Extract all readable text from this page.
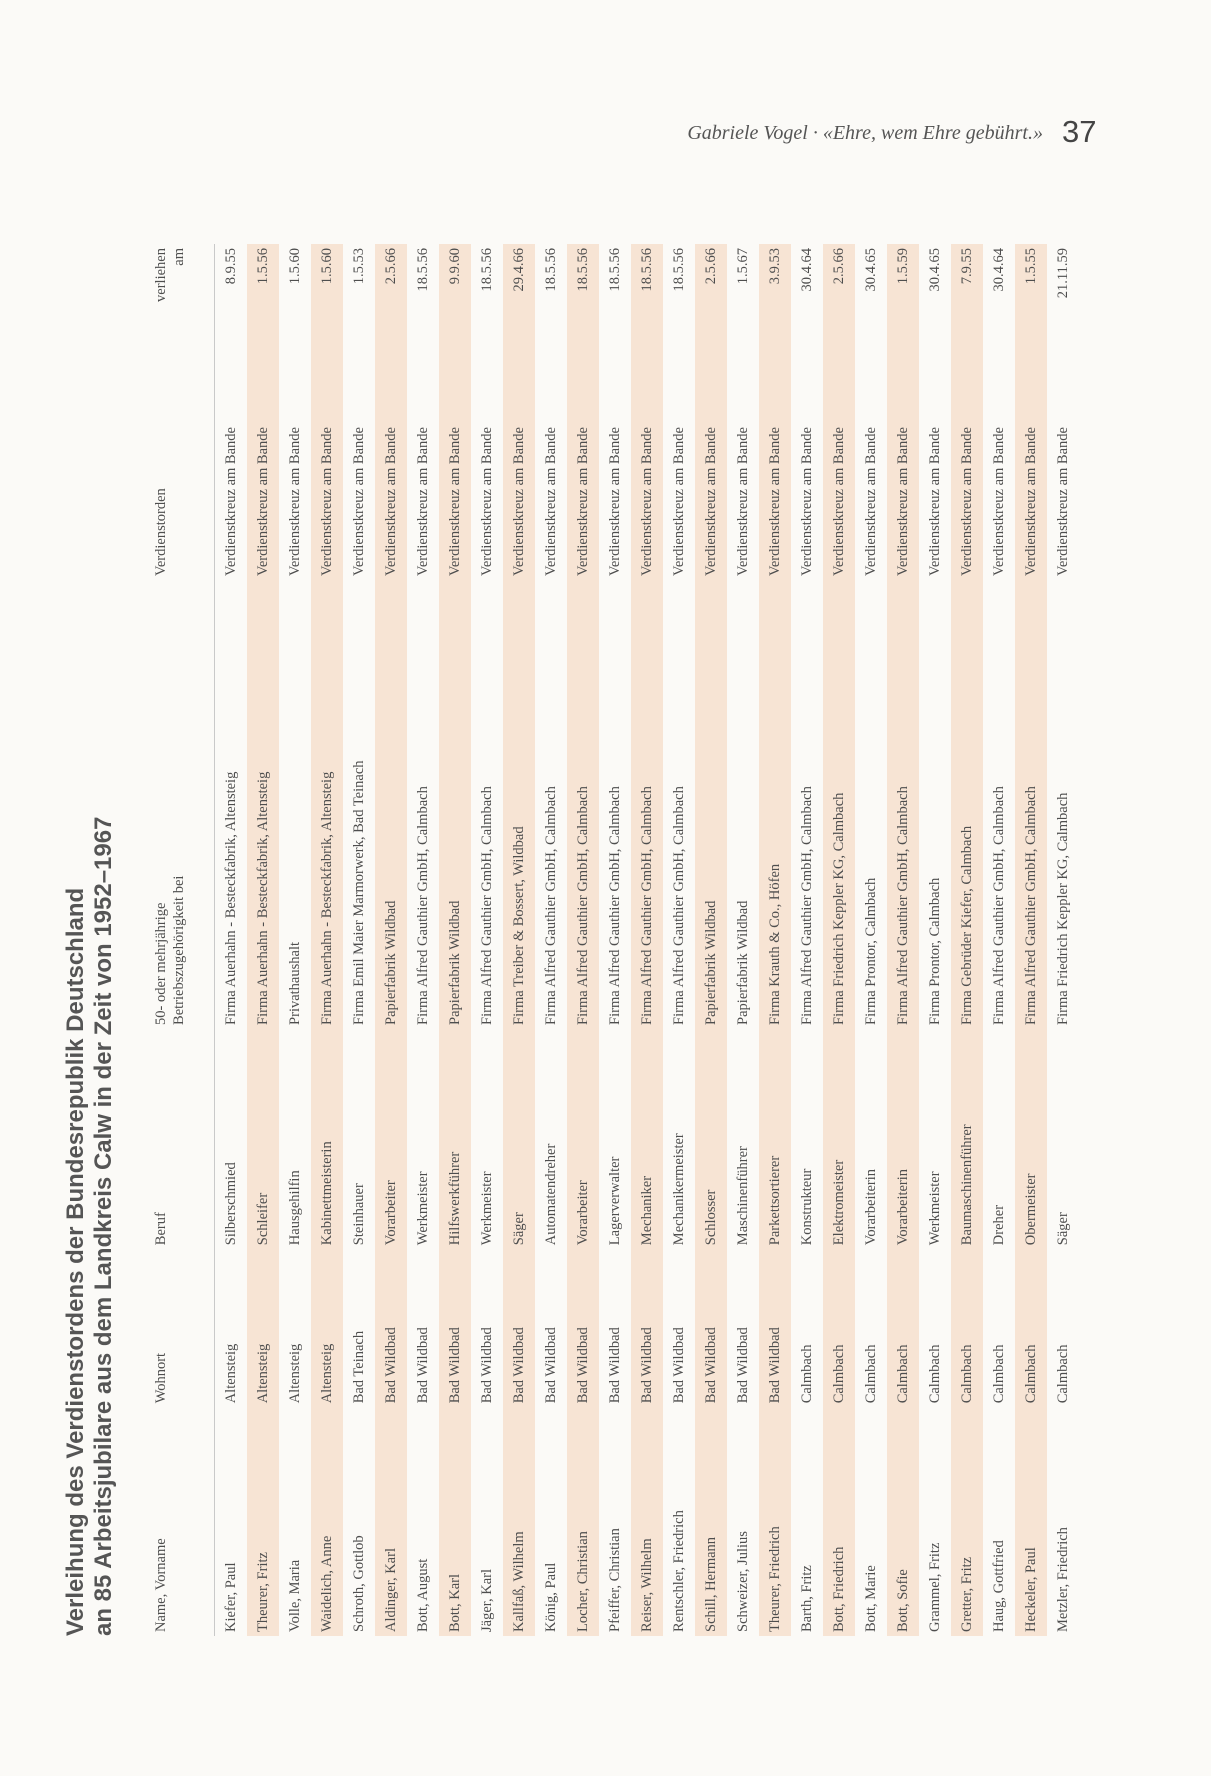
Gabriele Vogel · «Ehre, wem Ehre gebührt.» 37
Verleihung des Verdienstordens der Bundesrepublik Deutschland an 85 Arbeitsjubilare aus dem Landkreis Calw in der Zeit von 1952–1967 Name, Vorname	Wohnort	Beruf	50- oder mehrjährige Betriebszugehörigkeit bei	Verdienstorden	verliehen am
Kiefer, Paul	Altensteig	Silberschmied	Firma Auerhahn - Besteckfabrik, Altensteig	Verdienstkreuz am Bande	8.9.55
Theurer, Fritz	Altensteig	Schleifer	Firma Auerhahn - Besteckfabrik, Altensteig	Verdienstkreuz am Bande	1.5.56
Volle, Maria	Altensteig	Hausgehilfin	Privathaushalt	Verdienstkreuz am Bande	1.5.60
Waidelich, Anne	Altensteig	Kabinettmeisterin	Firma Auerhahn - Besteckfabrik, Altensteig	Verdienstkreuz am Bande	1.5.60
Schroth, Gottlob	Bad Teinach	Steinhauer	Firma Emil Maier Marmorwerk, Bad Teinach	Verdienstkreuz am Bande	1.5.53
Aldinger, Karl	Bad Wildbad	Vorarbeiter	Papierfabrik Wildbad	Verdienstkreuz am Bande	2.5.66
Bott, August	Bad Wildbad	Werkmeister	Firma Alfred Gauthier GmbH, Calmbach	Verdienstkreuz am Bande	18.5.56
Bott, Karl	Bad Wildbad	Hilfswerkführer	Papierfabrik Wildbad	Verdienstkreuz am Bande	9.9.60
Jäger, Karl	Bad Wildbad	Werkmeister	Firma Alfred Gauthier GmbH, Calmbach	Verdienstkreuz am Bande	18.5.56
Kallfaß, Wilhelm	Bad Wildbad	Säger	Firma Treiber & Bossert, Wildbad	Verdienstkreuz am Bande	29.4.66
König, Paul	Bad Wildbad	Automatendreher	Firma Alfred Gauthier GmbH, Calmbach	Verdienstkreuz am Bande	18.5.56
Locher, Christian	Bad Wildbad	Vorarbeiter	Firma Alfred Gauthier GmbH, Calmbach	Verdienstkreuz am Bande	18.5.56
Pfeiffer, Christian	Bad Wildbad	Lagerverwalter	Firma Alfred Gauthier GmbH, Calmbach	Verdienstkreuz am Bande	18.5.56
Reiser, Wilhelm	Bad Wildbad	Mechaniker	Firma Alfred Gauthier GmbH, Calmbach	Verdienstkreuz am Bande	18.5.56
Rentschler, Friedrich	Bad Wildbad	Mechanikermeister	Firma Alfred Gauthier GmbH, Calmbach	Verdienstkreuz am Bande	18.5.56
Schill, Hermann	Bad Wildbad	Schlosser	Papierfabrik Wildbad	Verdienstkreuz am Bande	2.5.66
Schweizer, Julius	Bad Wildbad	Maschinenführer	Papierfabrik Wildbad	Verdienstkreuz am Bande	1.5.67
Theurer, Friedrich	Bad Wildbad	Parkettsortierer	Firma Krauth & Co., Höfen	Verdienstkreuz am Bande	3.9.53
Barth, Fritz	Calmbach	Konstrukteur	Firma Alfred Gauthier GmbH, Calmbach	Verdienstkreuz am Bande	30.4.64
Bott, Friedrich	Calmbach	Elektromeister	Firma Friedrich Keppler KG, Calmbach	Verdienstkreuz am Bande	2.5.66
Bott, Marie	Calmbach	Vorarbeiterin	Firma Prontor, Calmbach	Verdienstkreuz am Bande	30.4.65
Bott, Sofie	Calmbach	Vorarbeiterin	Firma Alfred Gauthier GmbH, Calmbach	Verdienstkreuz am Bande	1.5.59
Grammel, Fritz	Calmbach	Werkmeister	Firma Prontor, Calmbach	Verdienstkreuz am Bande	30.4.65
Gretter, Fritz	Calmbach	Baumaschinenführer	Firma Gebrüder Kiefer, Calmbach	Verdienstkreuz am Bande	7.9.55
Haug, Gottfried	Calmbach	Dreher	Firma Alfred Gauthier GmbH, Calmbach	Verdienstkreuz am Bande	30.4.64
Heckeler, Paul	Calmbach	Obermeister	Firma Alfred Gauthier GmbH, Calmbach	Verdienstkreuz am Bande	1.5.55
Metzler, Friedrich	Calmbach	Säger	Firma Friedrich Keppler KG, Calmbach	Verdienstkreuz am Bande	21.11.59
